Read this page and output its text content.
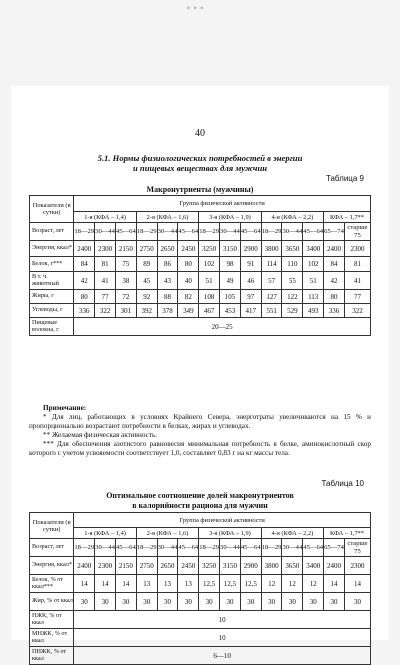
•••
40
5.1. Нормы физиологических потребностей в энергии
и пищевых веществах для мужчин
Таблица 9
Макронутриенты (мужчины)
Показатели (в сутки)	Группа физической активности													
	1-я (КФА – 1,4)			2-я (КФА – 1,6)			3-я (КФА – 1,9)			4-я (КФА – 2,2)			КФА – 1,7**	
Возраст, лет	18—29	30—44	45—64	18—29	30—44	45—64	18—29	30—44	45—64	18—29	30—44	45—64	65—74	старше 75
Энергия, ккал*	2400	2300	2150	2750	2650	2450	3250	3150	2900	3800	3650	3400	2400	2300
Белок, г***	84	81	75	89	86	80	102	98	91	114	110	102	84	81
В т. ч. животный	42	41	38	45	43	40	51	49	46	57	55	51	42	41
Жиры, г	80	77	72	92	88	82	108	105	97	127	122	113	80	77
Углеводы, г	336	322	301	392	378	349	467	453	417	551	529	493	336	322
Пищевые волокна, г	20—25													

Примечание:

* Для лиц, работающих в условиях Крайнего Севера, энерготраты увеличиваются на 15 % и пропорционально возрастают потребности в белках, жирах и углеводах.

** Желаемая физическая активность.

*** Для обеспечения азотистого равновесия минимальная потребность в белке, аминокислотный скор которого с учетом усвояемости соответствует 1,0, составляет 0,83 г на кг массы тела.

Таблица 10
Оптимальное соотношение долей макронутриентов
в калорийности рациона для мужчин
Показатели (в сутки)	Группа физической активности													
	1-я (КФА – 1,4)			2-я (КФА – 1,6)			3-я (КФА – 1,9)			4-я (КФА – 2,2)			КФА – 1,7**	
Возраст, лет	18—29	30—44	45—64	18—29	30—44	45—64	18—29	30—44	45—64	18—29	30—44	45—64	65—74	старше 75
Энергия, ккал*	2400	2300	2150	2750	2650	2450	3250	3150	2900	3800	3650	3400	2400	2300
Белок, % от ккал***	14	14	14	13	13	13	12,5	12,5	12,5	12	12	12	14	14
Жир, % от ккал	30	30	30	30	30	30	30	30	30	30	30	30	30	30
НЖК, % от ккал	10													
МНЖК, % от ккал	10													
ПНЖК, % от ккал	6—10													
